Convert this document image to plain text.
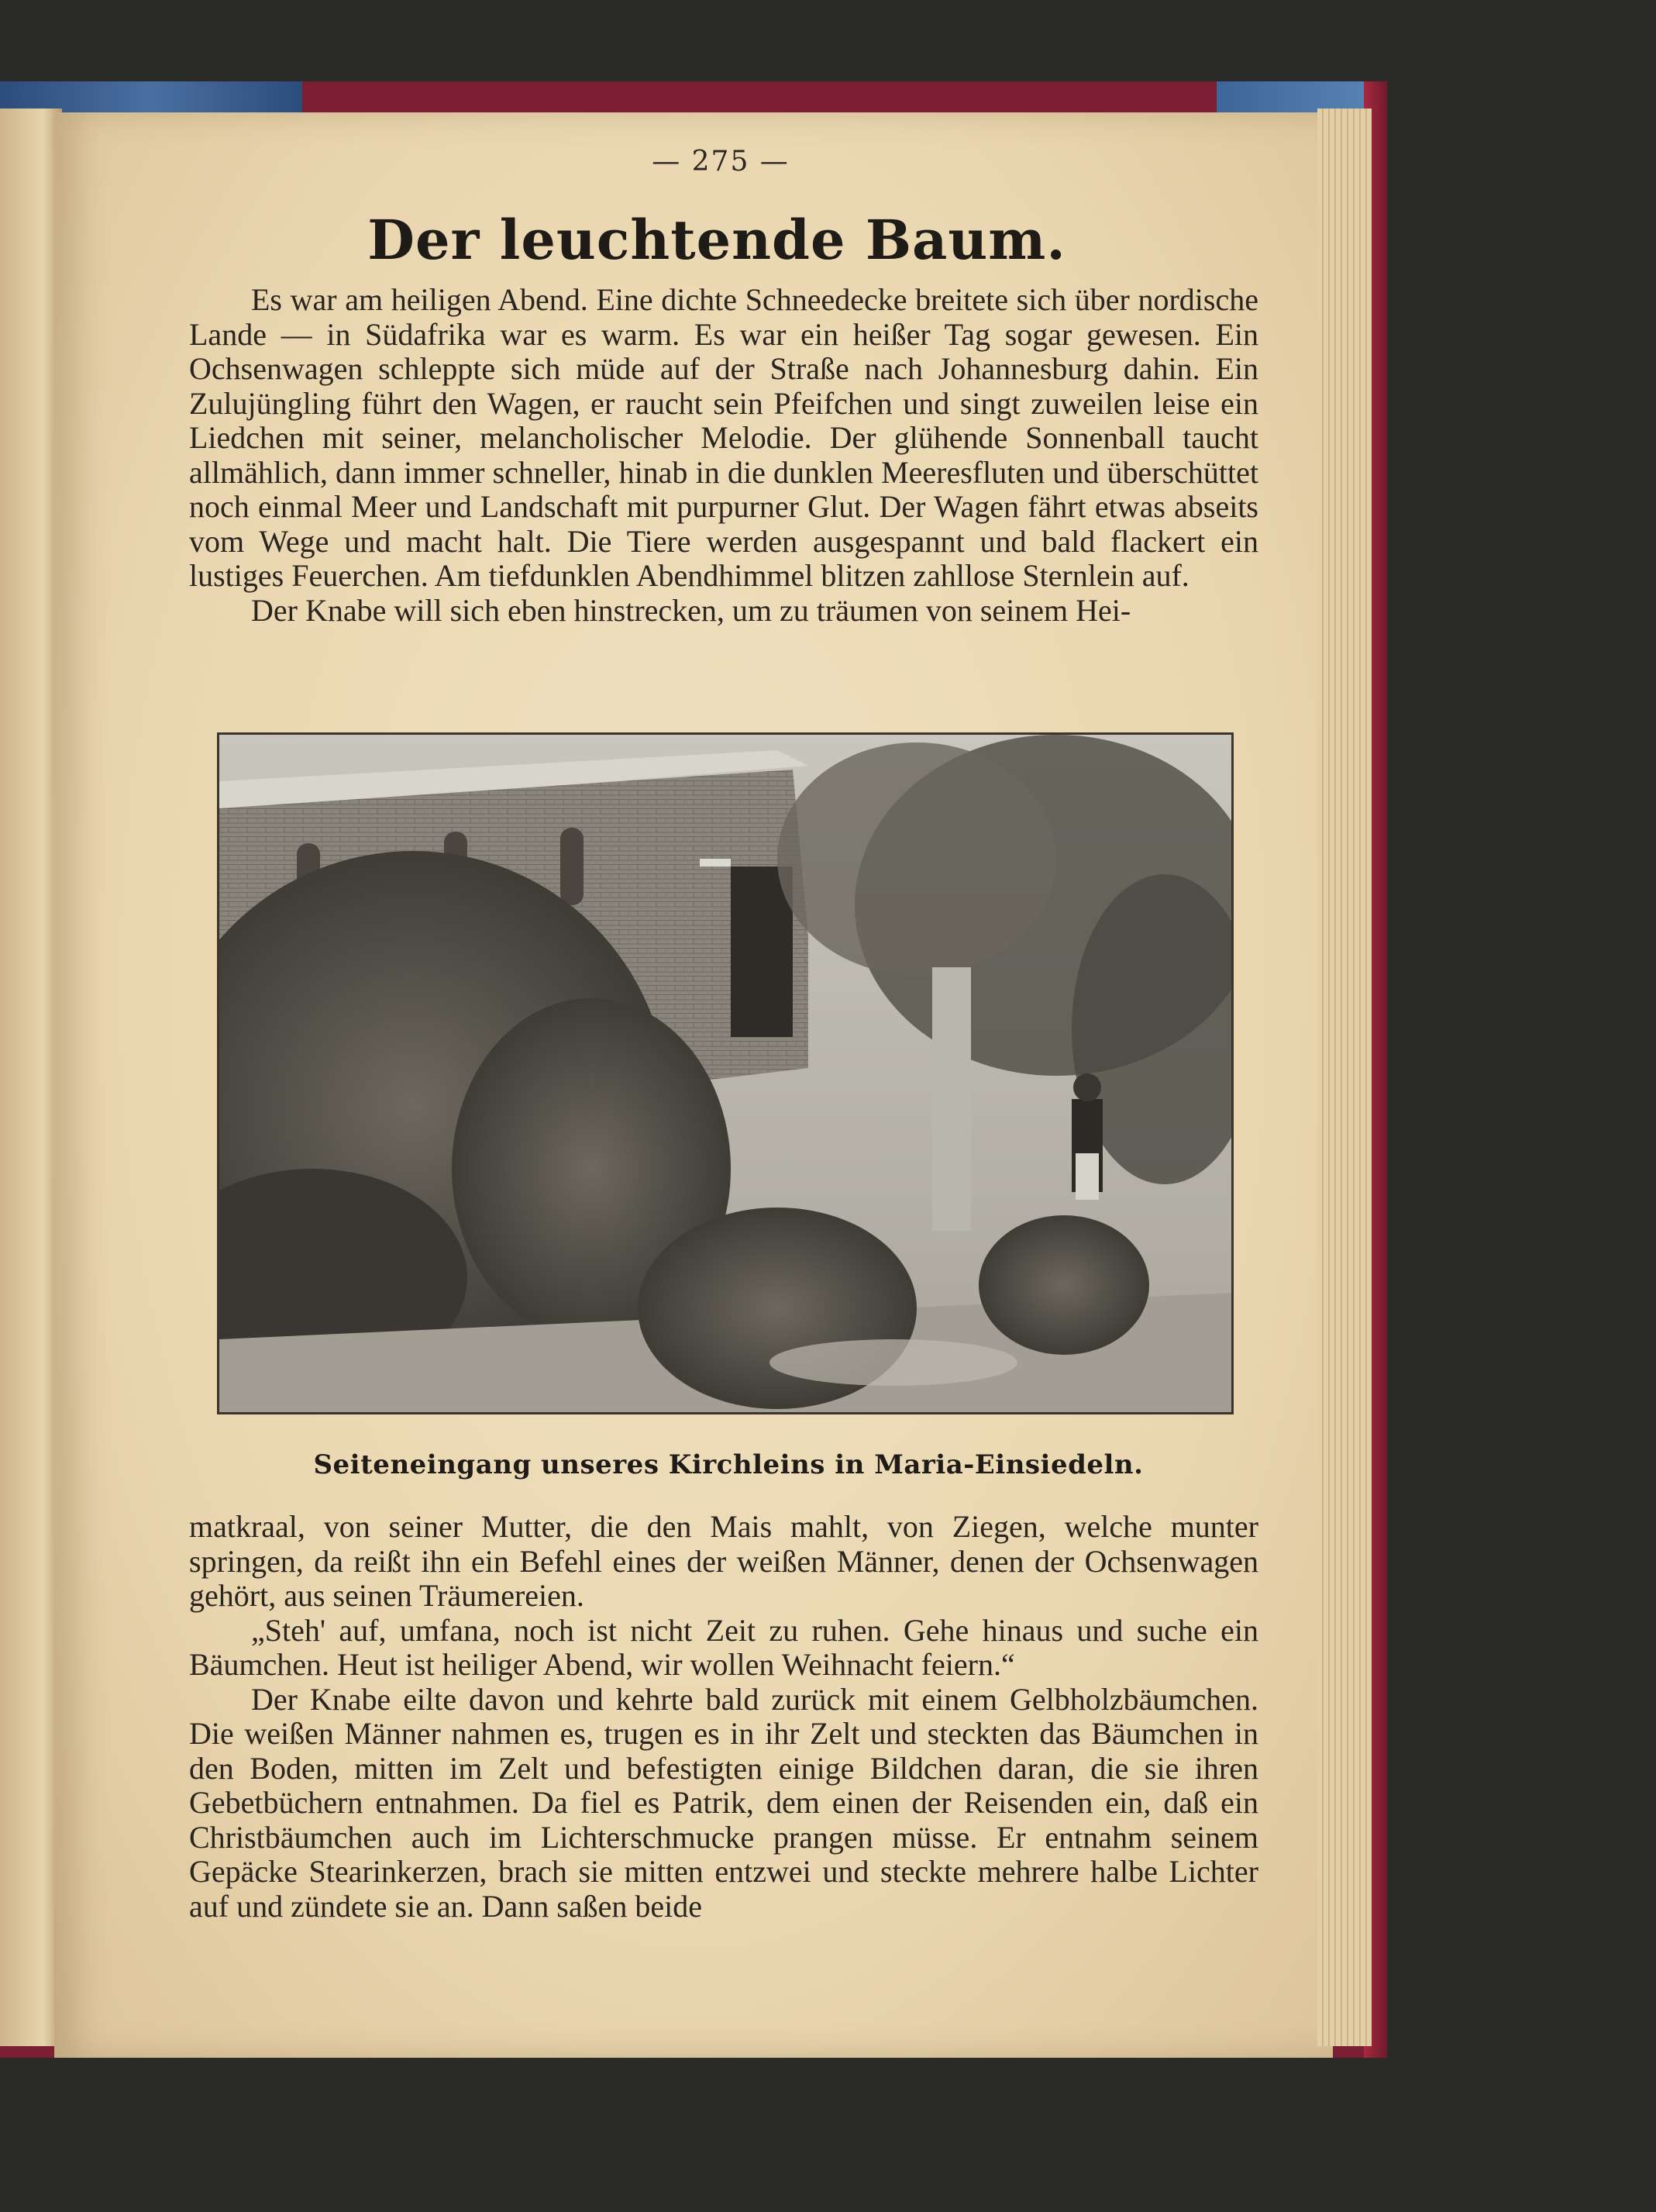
— 275 —
Der leuchtende Baum.

Es war am heiligen Abend. Eine dichte Schneedecke breitete sich über nordische Lande — in Südafrika war es warm. Es war ein heißer Tag sogar gewesen. Ein Ochsenwagen schleppte sich müde auf der Straße nach Johannesburg dahin. Ein Zulujüngling führt den Wagen, er raucht sein Pfeifchen und singt zuweilen leise ein Liedchen mit seiner, melancholischer Melodie. Der glühende Sonnenball taucht allmählich, dann immer schneller, hinab in die dunklen Meeresfluten und überschüttet noch einmal Meer und Landschaft mit purpurner Glut. Der Wagen fährt etwas abseits vom Wege und macht halt. Die Tiere werden ausgespannt und bald flackert ein lustiges Feuerchen. Am tiefdunklen Abendhimmel blitzen zahllose Sternlein auf.

Der Knabe will sich eben hinstrecken, um zu träumen von seinem Hei-

Seiteneingang unseres Kirchleins in Maria-Einsiedeln.

matkraal, von seiner Mutter, die den Mais mahlt, von Ziegen, welche munter springen, da reißt ihn ein Befehl eines der weißen Männer, denen der Ochsenwagen gehört, aus seinen Träumereien.

„Steh' auf, umfana, noch ist nicht Zeit zu ruhen. Gehe hinaus und suche ein Bäumchen. Heut ist heiliger Abend, wir wollen Weihnacht feiern.“

Der Knabe eilte davon und kehrte bald zurück mit einem Gelbholzbäumchen. Die weißen Männer nahmen es, trugen es in ihr Zelt und steckten das Bäumchen in den Boden, mitten im Zelt und befestigten einige Bildchen daran, die sie ihren Gebetbüchern entnahmen. Da fiel es Patrik, dem einen der Reisenden ein, daß ein Christbäumchen auch im Lichterschmucke prangen müsse. Er entnahm seinem Gepäcke Stearinkerzen, brach sie mitten entzwei und steckte mehrere halbe Lichter auf und zündete sie an. Dann saßen beide
